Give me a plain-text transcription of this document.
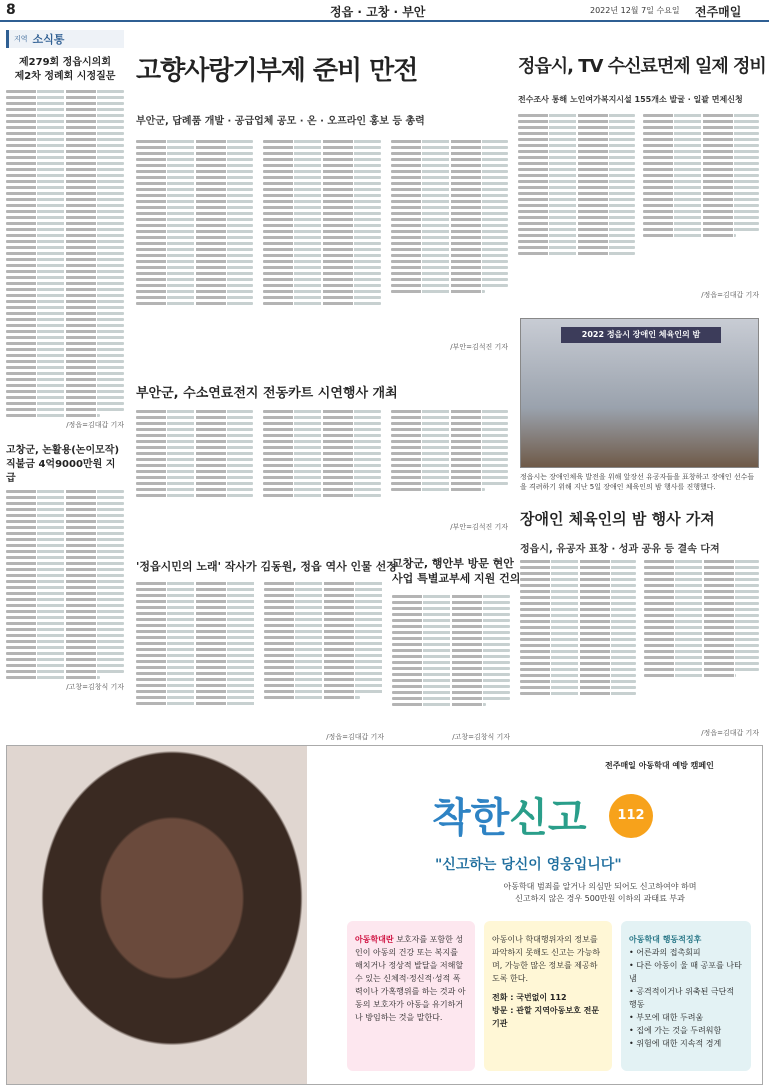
8	정읍 · 고창 · 부안	2022년 12월 7일 수요일 전주매일
지역 소식통
제279회 정읍시의회
제2차 정례회 시정질문
/정읍=김대갑 기자
고창군, 논활용(논이모작)
직불금 4억9000만원 지급
/고창=김창식 기자
고향사랑기부제 준비 만전
부안군, 답례품 개발 · 공급업체 공모 · 온 · 오프라인 홍보 등 총력
/부안=김석진 기자
정읍시, TV 수신료면제 일제 정비
전수조사 통해 노인여가복지시설 155개소 발굴 · 일괄 면제신청
/정읍=김대갑 기자
부안군, 수소연료전지 전동카트 시연행사 개최
/부안=김석진 기자
'정읍시민의 노래' 작사가 김동원, 정읍 역사 인물 선정
/정읍=김대갑 기자
고창군, 행안부 방문 현안
사업 특별교부세 지원 건의
/고창=김창식 기자
2022 정읍시 장애인 체육인의 밤
정읍시는 장애인체육 발전을 위해 앞장선 유공자들을 표창하고 장애인 선수들을 격려하기 위해 지난 5일 장애인 체육인의 밤 행사를 진행했다.
장애인 체육인의 밤 행사 가져
정읍시, 유공자 표창 · 성과 공유 등 결속 다져
/정읍=김대갑 기자
전주매일 아동학대 예방 캠페인
착한신고	112
"신고하는 당신이 영웅입니다"
아동학대 범죄를 알거나 의심만 되어도 신고하여야 하며
신고하지 않은 경우 500만원 이하의 과태료 부과
아동학대란 보호자를 포함한 성인이 아동의 건강 또는 복지를 해치거나 정상적 발달을 저해할 수 있는 신체적·정신적·성적 폭력이나 가혹행위를 하는 것과 아동의 보호자가 아동을 유기하거나 방임하는 것을 말한다.
아동이나 학대행위자의 정보를 파악하지 못해도 신고는 가능하며, 가능한 많은 정보를 제공하도록 한다.
전화 : 국번없이 112
방문 : 관할 지역아동보호 전문기관
아동학대 행동적징후
• 어른과의 접촉회피
• 다른 아동이 울 때 공포를 나타냄
• 공격적이거나 위축된 극단적 행동
• 부모에 대한 두려움
• 집에 가는 것을 두려워함
• 위험에 대한 지속적 경계
